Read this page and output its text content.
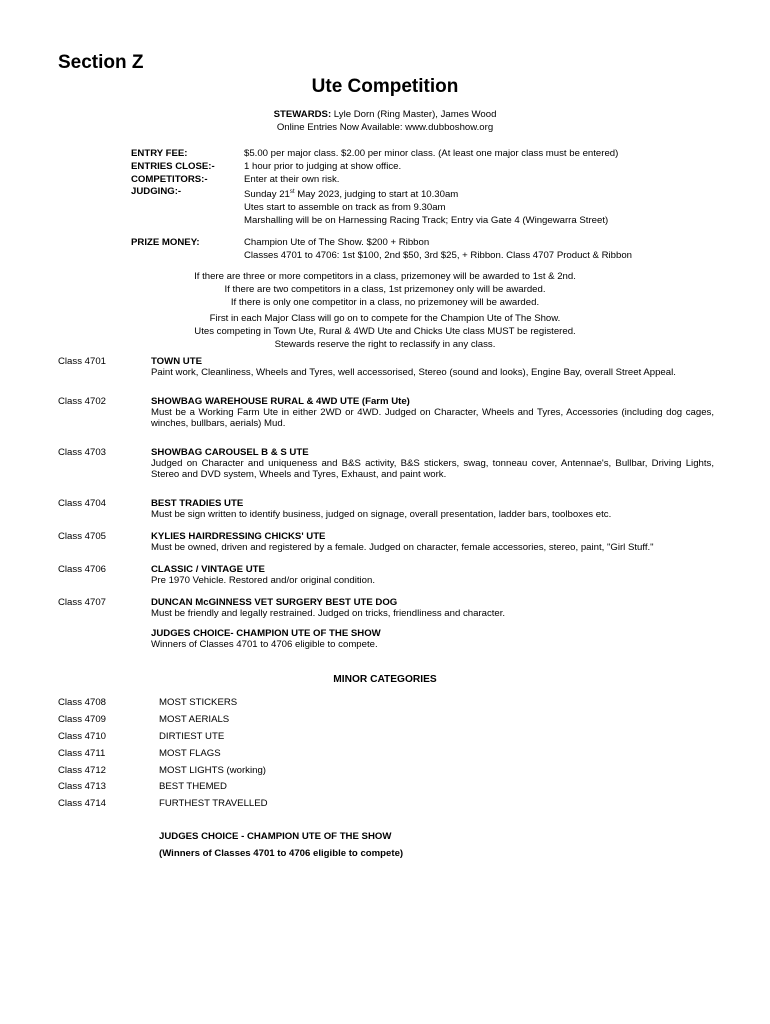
Section Z
Ute Competition
STEWARDS: Lyle Dorn (Ring Master), James Wood
Online Entries Now Available: www.dubboshow.org
ENTRY FEE:	$5.00 per major class. $2.00 per minor class. (At least one major class must be entered)
ENTRIES CLOSE:-	1 hour prior to judging at show office.
COMPETITORS:-	Enter at their own risk.
JUDGING:-	Sunday 21st May 2023, judging to start at 10.30am
Utes start to assemble on track as from 9.30am
Marshalling will be on Harnessing Racing Track; Entry via Gate 4 (Wingewarra Street)
PRIZE MONEY:	Champion Ute of The Show. $200 + Ribbon
Classes 4701 to 4706: 1st $100, 2nd $50, 3rd $25, + Ribbon. Class 4707 Product & Ribbon
If there are three or more competitors in a class, prizemoney will be awarded to 1st & 2nd.
If there are two competitors in a class, 1st prizemoney only will be awarded.
If there is only one competitor in a class, no prizemoney will be awarded.
First in each Major Class will go on to compete for the Champion Ute of The Show.
Utes competing in Town Ute, Rural & 4WD Ute and Chicks Ute class MUST be registered.
Stewards reserve the right to reclassify in any class.
Class 4701	TOWN UTE
Paint work, Cleanliness, Wheels and Tyres, well accessorised, Stereo (sound and looks), Engine Bay, overall Street Appeal.
Class 4702	SHOWBAG WAREHOUSE RURAL & 4WD UTE (Farm Ute)
Must be a Working Farm Ute in either 2WD or 4WD. Judged on Character, Wheels and Tyres, Accessories (including dog cages, winches, bullbars, aerials) Mud.
Class 4703	SHOWBAG CAROUSEL B & S UTE
Judged on Character and uniqueness and B&S activity, B&S stickers, swag, tonneau cover, Antennae's, Bullbar, Driving Lights, Stereo and DVD system, Wheels and Tyres, Exhaust, and paint work.
Class 4704	BEST TRADIES UTE
Must be sign written to identify business, judged on signage, overall presentation, ladder bars, toolboxes etc.
Class 4705	KYLIES HAIRDRESSING CHICKS' UTE
Must be owned, driven and registered by a female. Judged on character, female accessories, stereo, paint, "Girl Stuff."
Class 4706	CLASSIC / VINTAGE UTE
Pre 1970 Vehicle. Restored and/or original condition.
Class 4707	DUNCAN McGINNESS VET SURGERY BEST UTE DOG
Must be friendly and legally restrained. Judged on tricks, friendliness and character.
JUDGES CHOICE- CHAMPION UTE OF THE SHOW
Winners of Classes 4701 to 4706 eligible to compete.
MINOR CATEGORIES
Class 4708	MOST STICKERS
Class 4709	MOST AERIALS
Class 4710	DIRTIEST UTE
Class 4711	MOST FLAGS
Class 4712	MOST LIGHTS (working)
Class 4713	BEST THEMED
Class 4714	FURTHEST TRAVELLED
JUDGES CHOICE - CHAMPION UTE OF THE SHOW
(Winners of Classes 4701 to 4706 eligible to compete)
